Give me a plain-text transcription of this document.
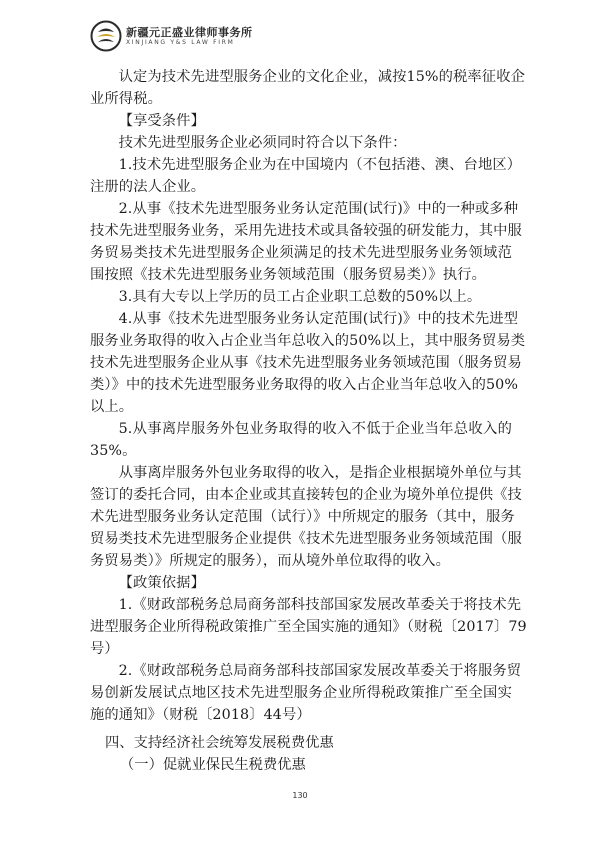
新疆元正盛业律师事务所
XINJIANG Y&S LAW FIRM
认定为技术先进型服务企业的文化企业，减按15%的税率征收企
业所得税。
【享受条件】
技术先进型服务企业必须同时符合以下条件：
1.技术先进型服务企业为在中国境内（不包括港、澳、台地区）
注册的法人企业。
2.从事《技术先进型服务业务认定范围(试行)》中的一种或多种
技术先进型服务业务，采用先进技术或具备较强的研发能力，其中服
务贸易类技术先进型服务企业须满足的技术先进型服务业务领域范
围按照《技术先进型服务业务领域范围（服务贸易类）》执行。
3.具有大专以上学历的员工占企业职工总数的50%以上。
4.从事《技术先进型服务业务认定范围(试行)》中的技术先进型
服务业务取得的收入占企业当年总收入的50%以上，其中服务贸易类
技术先进型服务企业从事《技术先进型服务业务领域范围（服务贸易
类）》中的技术先进型服务业务取得的收入占企业当年总收入的50%
以上。
5.从事离岸服务外包业务取得的收入不低于企业当年总收入的
35%。
从事离岸服务外包业务取得的收入，是指企业根据境外单位与其
签订的委托合同，由本企业或其直接转包的企业为境外单位提供《技
术先进型服务业务认定范围（试行）》中所规定的服务（其中，服务
贸易类技术先进型服务企业提供《技术先进型服务业务领域范围（服
务贸易类）》所规定的服务），而从境外单位取得的收入。
【政策依据】
1.《财政部税务总局商务部科技部国家发展改革委关于将技术先
进型服务企业所得税政策推广至全国实施的通知》（财税〔2017〕79
号）
2.《财政部税务总局商务部科技部国家发展改革委关于将服务贸
易创新发展试点地区技术先进型服务企业所得税政策推广至全国实
施的通知》（财税〔2018〕44号）
四、支持经济社会统筹发展税费优惠
（一）促就业保民生税费优惠
130
